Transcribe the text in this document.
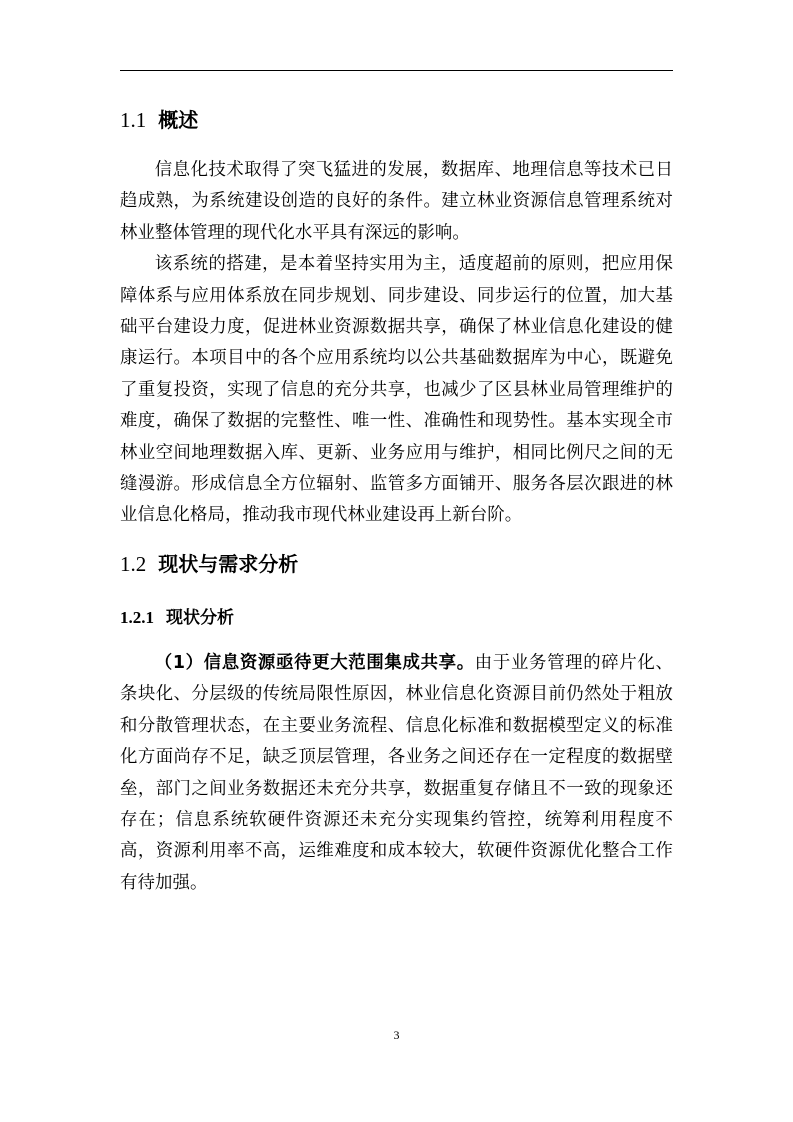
1.1 概述

信息化技术取得了突飞猛进的发展，数据库、地理信息等技术已日趋成熟，为系统建设创造的良好的条件。建立林业资源信息管理系统对林业整体管理的现代化水平具有深远的影响。

该系统的搭建，是本着坚持实用为主，适度超前的原则，把应用保障体系与应用体系放在同步规划、同步建设、同步运行的位置，加大基础平台建设力度，促进林业资源数据共享，确保了林业信息化建设的健康运行。本项目中的各个应用系统均以公共基础数据库为中心，既避免了重复投资，实现了信息的充分共享，也减少了区县林业局管理维护的难度，确保了数据的完整性、唯一性、准确性和现势性。基本实现全市林业空间地理数据入库、更新、业务应用与维护，相同比例尺之间的无缝漫游。形成信息全方位辐射、监管多方面铺开、服务各层次跟进的林业信息化格局，推动我市现代林业建设再上新台阶。

1.2 现状与需求分析
1.2.1 现状分析

（1）信息资源亟待更大范围集成共享。由于业务管理的碎片化、条块化、分层级的传统局限性原因，林业信息化资源目前仍然处于粗放和分散管理状态，在主要业务流程、信息化标准和数据模型定义的标准化方面尚存不足，缺乏顶层管理，各业务之间还存在一定程度的数据壁垒，部门之间业务数据还未充分共享，数据重复存储且不一致的现象还存在；信息系统软硬件资源还未充分实现集约管控，统筹利用程度不高，资源利用率不高，运维难度和成本较大，软硬件资源优化整合工作有待加强。

3
